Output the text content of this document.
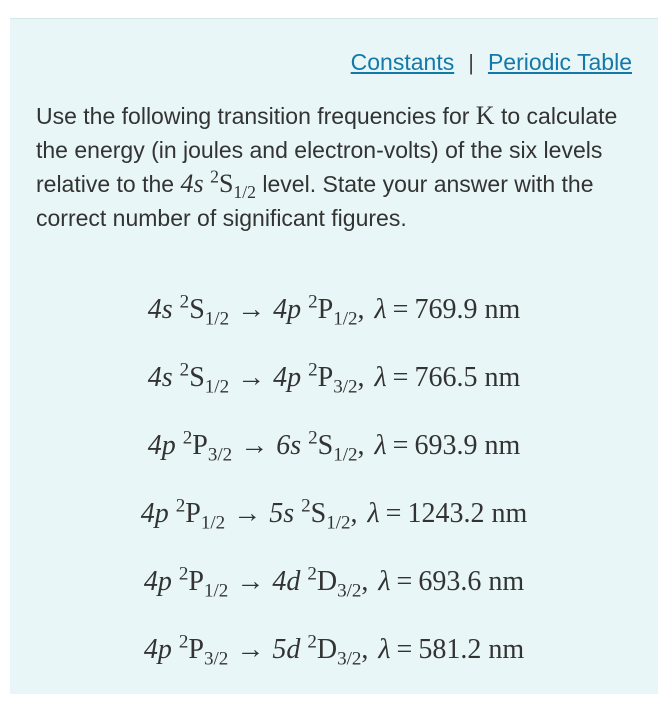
Constants | Periodic Table
Use the following transition frequencies for K to calculate the energy (in joules and electron-volts) of the six levels relative to the 4s $^2S_{1/2}$ level. State your answer with the correct number of significant figures.
4s $^2S_{1/2} \to 4p$ $^2P_{1/2}$, λ = 769.9 nm
4s $^2S_{1/2} \to 4p$ $^2P_{3/2}$, λ = 766.5 nm
4p $^2P_{3/2} \to 6s$ $^2S_{1/2}$, λ = 693.9 nm
4p $^2P_{1/2} \to 5s$ $^2S_{1/2}$, λ = 1243.2 nm
4p $^2P_{1/2} \to 4d$ $^2D_{3/2}$, λ = 693.6 nm
4p $^2P_{3/2} \to 5d$ $^2D_{3/2}$, λ = 581.2 nm
